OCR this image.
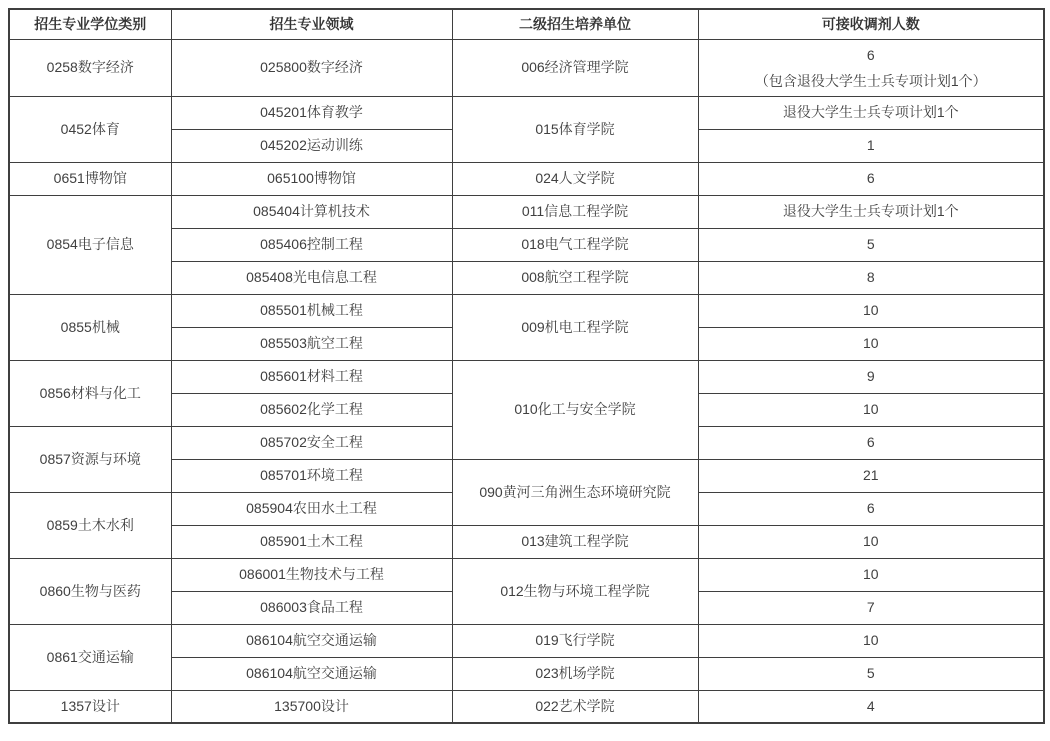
招生专业学位类别	招生专业领域	二级招生培养单位	可接收调剂人数
0258数字经济	025800数字经济	006经济管理学院	6
（包含退役大学生士兵专项计划1个）

0452体育	045201体育教学	015体育学院	退役大学生士兵专项计划1个
	045202运动训练		1
0651博物馆	065100博物馆	024人文学院	6
0854电子信息	085404计算机技术	011信息工程学院	退役大学生士兵专项计划1个
	085406控制工程	018电气工程学院	5
	085408光电信息工程	008航空工程学院	8
0855机械	085501机械工程	009机电工程学院	10
	085503航空工程		10
0856材料与化工	085601材料工程	010化工与安全学院	9
	085602化学工程		10
0857资源与环境	085702安全工程		6
	085701环境工程	090黄河三角洲生态环境研究院	21
0859土木水利	085904农田水土工程		6
	085901土木工程	013建筑工程学院	10
0860生物与医药	086001生物技术与工程	012生物与环境工程学院	10
	086003食品工程		7
0861交通运输	086104航空交通运输	019飞行学院	10
	086104航空交通运输	023机场学院	5
1357设计	135700设计	022艺术学院	4
